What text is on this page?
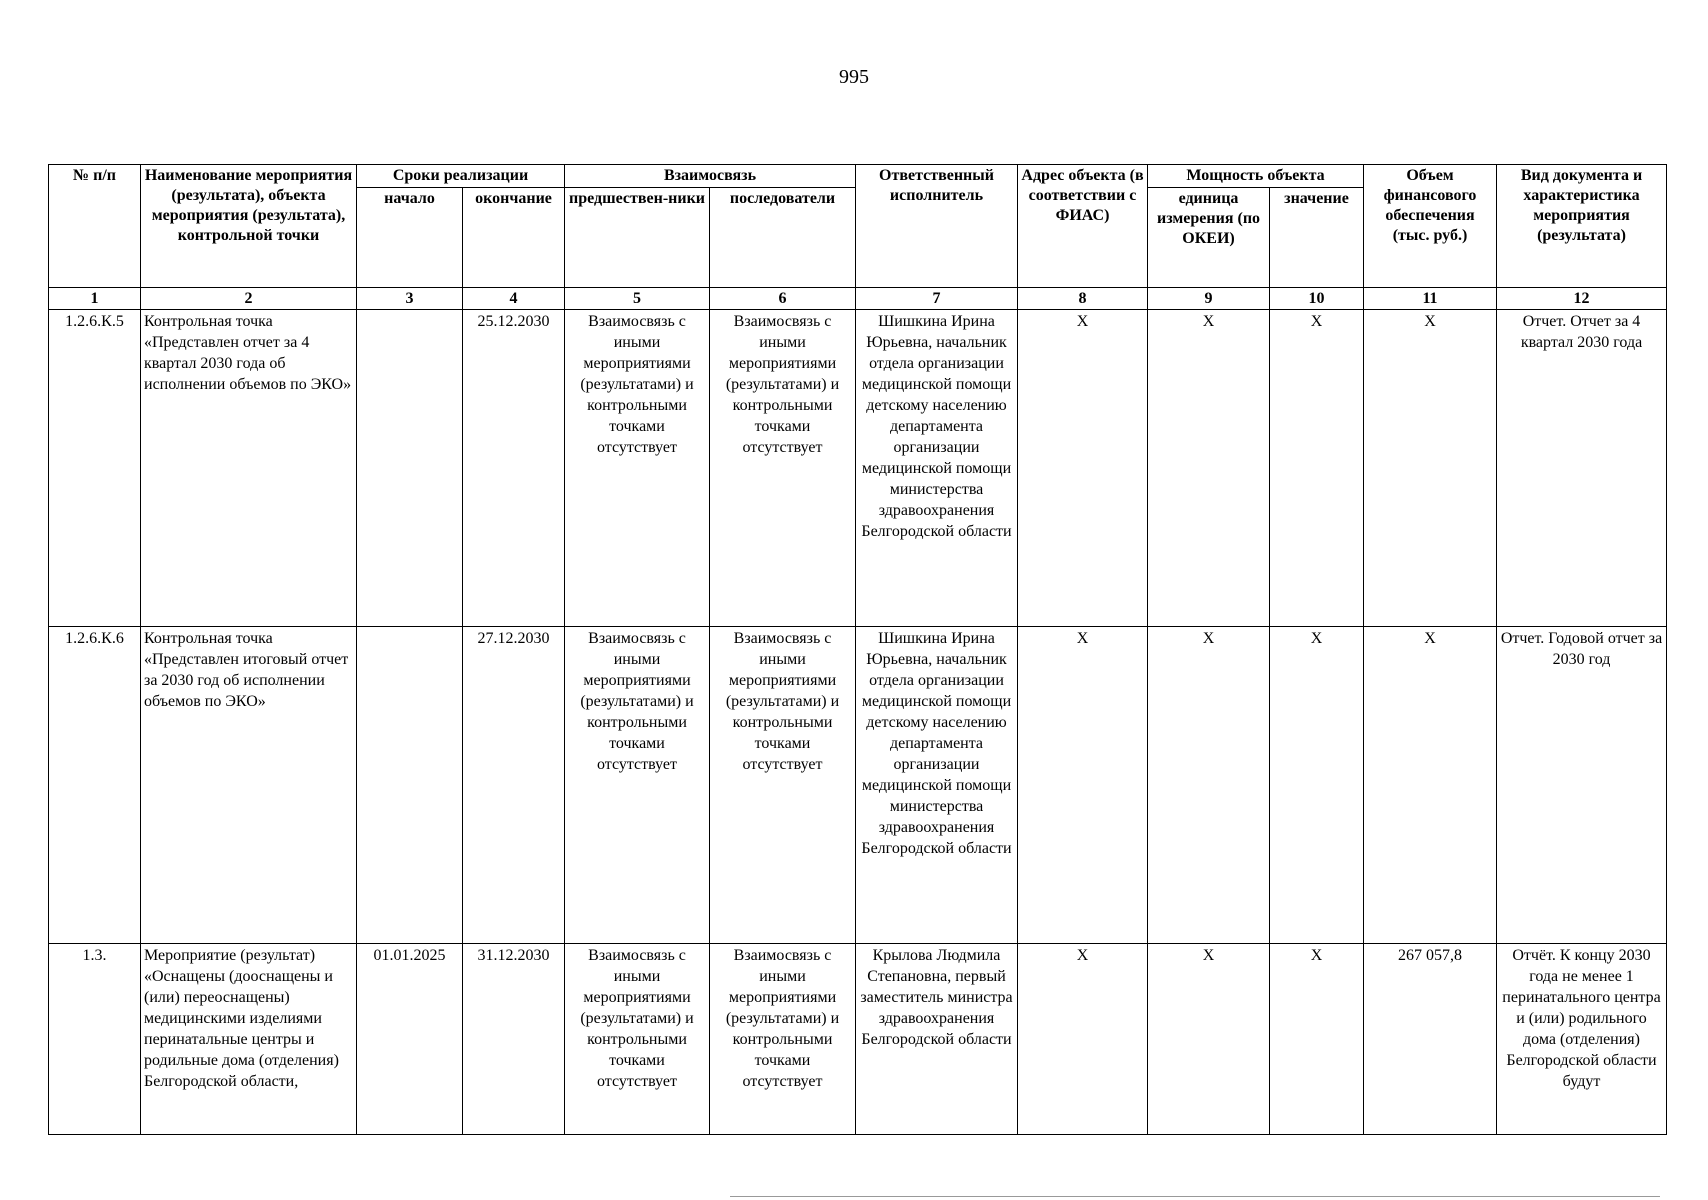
995
№ п/п	Наименование мероприятия (результата), объекта мероприятия (результата), контрольной точки	Сроки реализации		Взаимосвязь		Ответственный исполнитель	Адрес объекта (в соответствии с ФИАС)	Мощность объекта		Объем финансового обеспечения (тыс. руб.)	Вид документа и характеристика мероприятия (результата)
		начало	окончание	предшествен-ники	последователи			единица измерения (по ОКЕИ)	значение		
1	2	3	4	5	6	7	8	9	10	11	12
1.2.6.К.5	Контрольная точка «Представлен отчет за 4 квартал 2030 года об исполнении объемов по ЭКО»		25.12.2030	Взаимосвязь с иными мероприятиями (результатами) и контрольными точками отсутствует	Взаимосвязь с иными мероприятиями (результатами) и контрольными точками отсутствует	Шишкина Ирина Юрьевна, начальник отдела организации медицинской помощи детскому населению департамента организации медицинской помощи министерства здравоохранения Белгородской области	X	X	X	X	Отчет. Отчет за 4 квартал 2030 года
1.2.6.К.6	Контрольная точка «Представлен итоговый отчет за 2030 год об исполнении объемов по ЭКО»		27.12.2030	Взаимосвязь с иными мероприятиями (результатами) и контрольными точками отсутствует	Взаимосвязь с иными мероприятиями (результатами) и контрольными точками отсутствует	Шишкина Ирина Юрьевна, начальник отдела организации медицинской помощи детскому населению департамента организации медицинской помощи министерства здравоохранения Белгородской области	X	X	X	X	Отчет. Годовой отчет за 2030 год
1.3.	Мероприятие (результат) «Оснащены (дооснащены и (или) переоснащены) медицинскими изделиями перинатальные центры и родильные дома (отделения) Белгородской области,	01.01.2025	31.12.2030	Взаимосвязь с иными мероприятиями (результатами) и контрольными точками отсутствует	Взаимосвязь с иными мероприятиями (результатами) и контрольными точками отсутствует	Крылова Людмила Степановна, первый заместитель министра здравоохранения Белгородской области	X	X	X	267 057,8	Отчёт. К концу 2030 года не менее 1 перинатального центра и (или) родильного дома (отделения) Белгородской области будут
